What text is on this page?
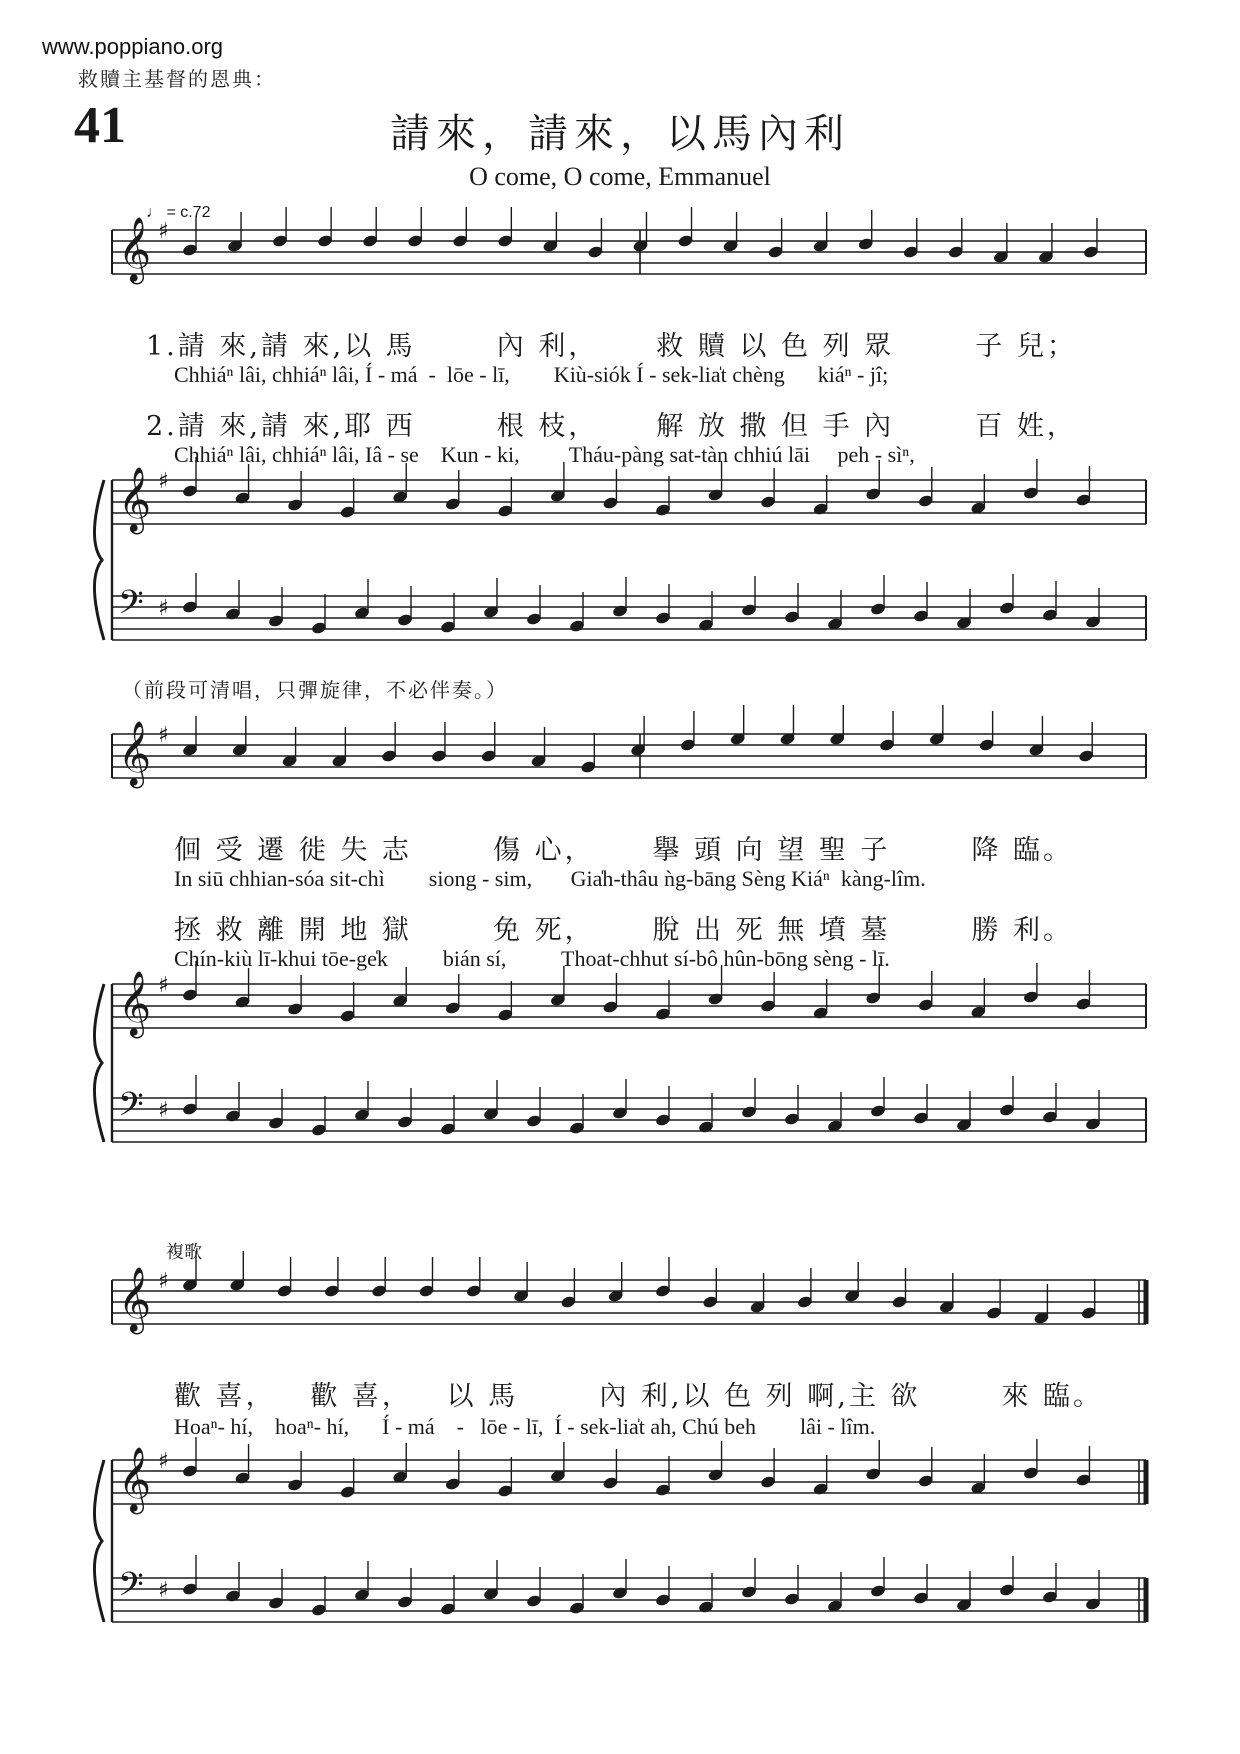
www.poppiano.org
救贖主基督的恩典：
41	請來，請來，以馬內利
O come, O come, Emmanuel
♩ = c.72
𝄞 ♯
𝄞 ♯
𝄢 ♯
𝄞 ♯
𝄞 ♯
𝄢 ♯
𝄞 ♯
𝄞 ♯
𝄢 ♯
1.請 來,請 來,以 馬       內 利，     救 贖 以 色 列 眾       子 兒；
Chhiáⁿ lâi, chhiáⁿ lâi, Í - má  -  lōe - lī,        Kiù-siók Í - sek-lia̍t chèng      kiáⁿ - jî;
2.請 來,請 來,耶 西       根 枝，     解 放 撒 但 手 內       百 姓，
Chhiáⁿ lâi, chhiáⁿ lâi, Iâ - se    Kun - ki,         Tháu-pàng sat-tàn chhiú lāi     peh - sìⁿ,
（前段可清唱，只彈旋律，不必伴奏。）
佪 受 遷 徙 失 志       傷 心，     擧 頭 向 望 聖 子       降 臨。
In siū chhian-sóa sit-chì        siong - sim,       Gia̍h-thâu ǹg-bāng Sèng Kiáⁿ  kàng-lîm.
拯 救 離 開 地 獄       免 死，     脫 出 死 無 墳 墓       勝 利。
Chín-kiù lī-khui tōe-ge̍k          bián sí,          Thoat-chhut sí-bô hûn-bōng sèng - lī.
複歌
歡 喜，   歡 喜，   以 馬       內 利,以 色 列 啊,主 欲       來 臨。
Hoaⁿ- hí,    hoaⁿ- hí,      Í - má    -   lōe - lī,  Í - sek-lia̍t ah, Chú beh        lâi - lîm.
